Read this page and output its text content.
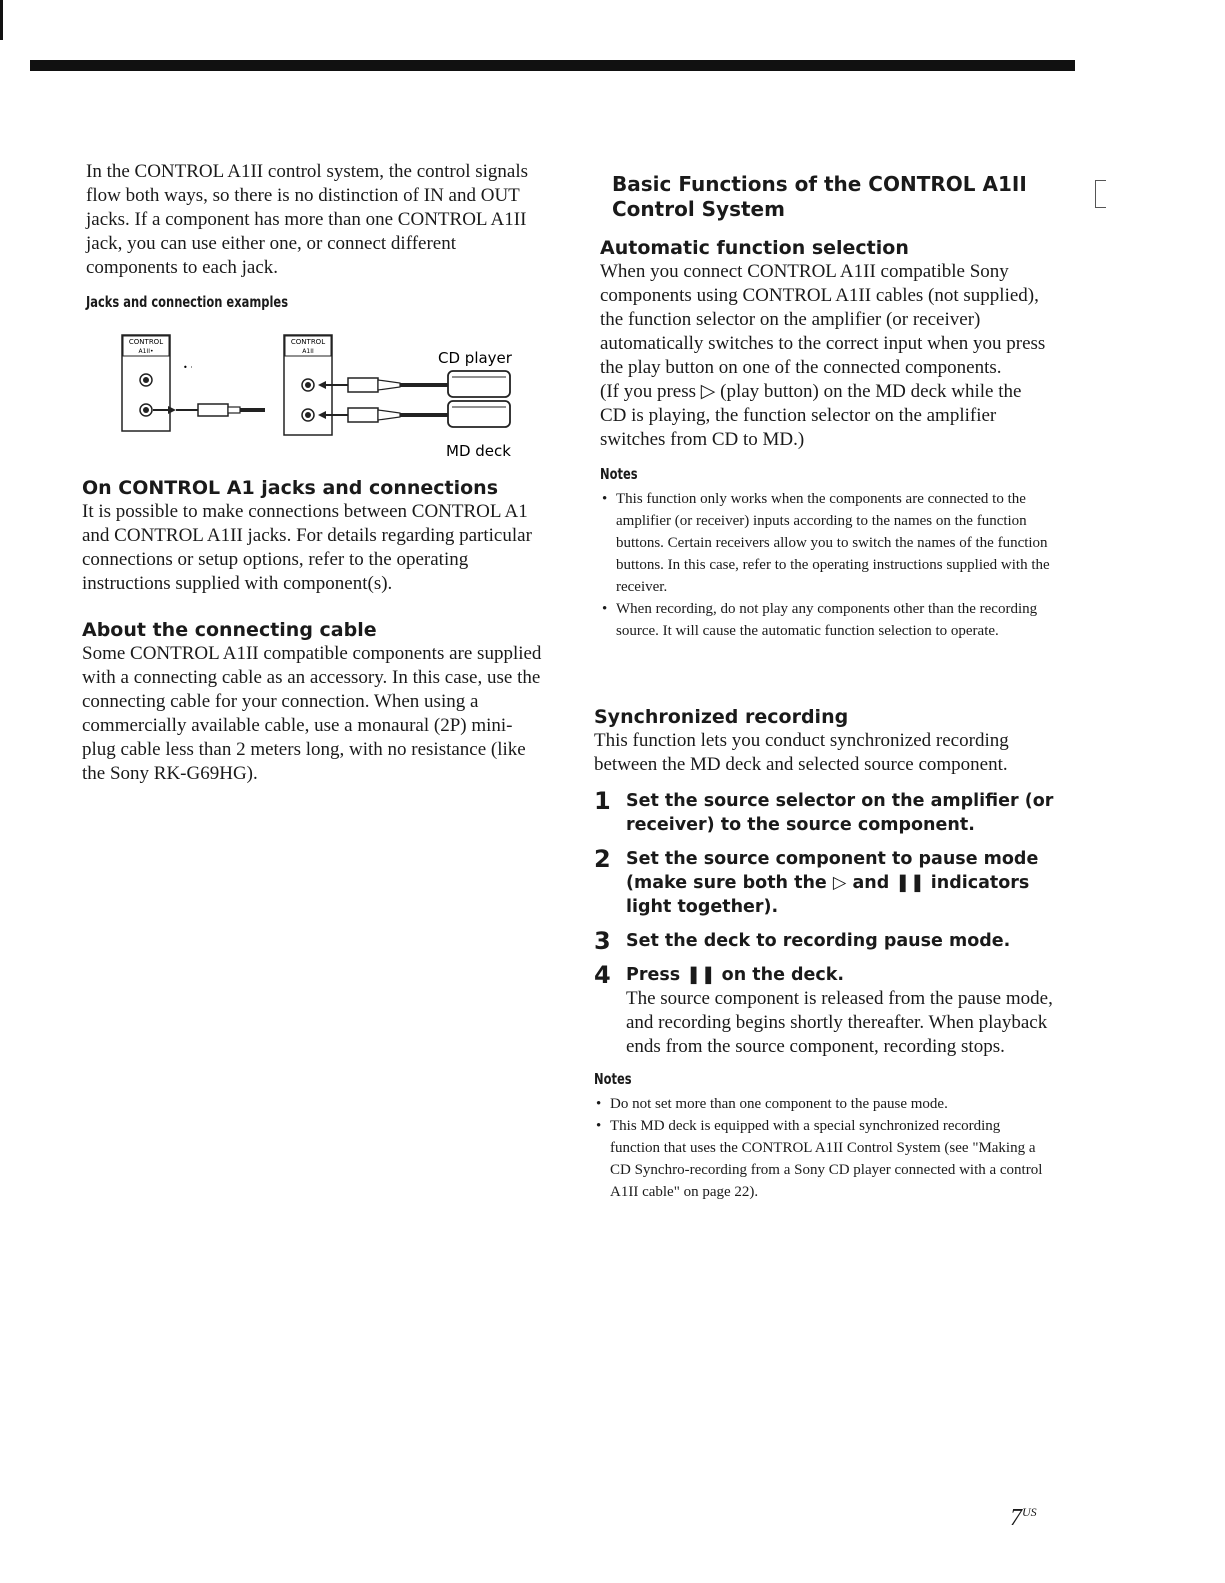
In the CONTROL A1II control system, the control signals flow both ways, so there is no distinction of IN and OUT jacks. If a component has more than one CONTROL A1II jack, you can use either one, or connect different components to each jack.

Jacks and connection examples

CONTROL
A1II•
• ·
CONTROL
A1II	CD player
MD deck

On CONTROL A1 jacks and connections

It is possible to make connections between CONTROL A1 and CONTROL A1II jacks. For details regarding particular connections or setup options, refer to the operating instructions supplied with component(s).

About the connecting cable

Some CONTROL A1II compatible components are supplied with a connecting cable as an accessory. In this case, use the connecting cable for your connection. When using a commercially available cable, use a monaural (2P) mini-plug cable less than 2 meters long, with no resistance (like the Sony RK-G69HG).

Basic Functions of the CONTROL A1II

Control System

Automatic function selection

When you connect CONTROL A1II compatible Sony components using CONTROL A1II cables (not supplied), the function selector on the amplifier (or receiver) automatically switches to the correct input when you press the play button on one of the connected components.

(If you press ▷ (play button) on the MD deck while the CD is playing, the function selector on the amplifier switches from CD to MD.)

Notes

• This function only works when the components are connected to the amplifier (or receiver) inputs according to the names on the function buttons. Certain receivers allow you to switch the names of the function buttons. In this case, refer to the operating instructions supplied with the receiver.
• When recording, do not play any components other than the recording source. It will cause the automatic function selection to operate.

Synchronized recording

This function lets you conduct synchronized recording between the MD deck and selected source component.

1 Set the source selector on the amplifier (or receiver) to the source component.

2 Set the source component to pause mode (make sure both the ▷ and ❚❚ indicators light together).

3 Set the deck to recording pause mode.

4 Press ❚❚ on the deck.

The source component is released from the pause mode, and recording begins shortly thereafter. When playback ends from the source component, recording stops.

Notes

• Do not set more than one component to the pause mode.
• This MD deck is equipped with a special synchronized recording function that uses the CONTROL A1II Control System (see "Making a CD Synchro-recording from a Sony CD player connected with a control A1II cable" on page 22).
$7^{US}$
